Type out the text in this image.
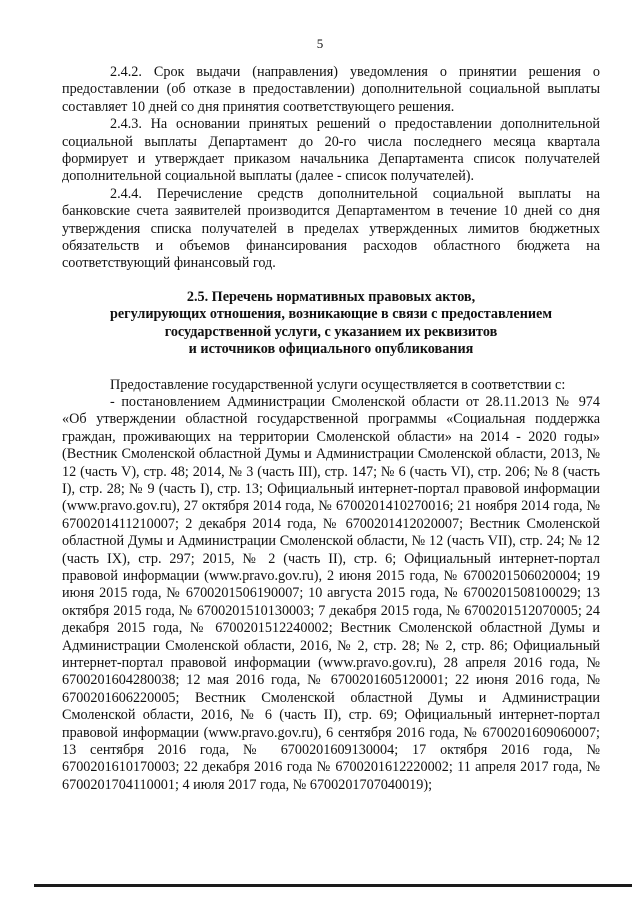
5

2.4.2. Срок выдачи (направления) уведомления о принятии решения о предоставлении (об отказе в предоставлении) дополнительной социальной выплаты составляет 10 дней со дня принятия соответствующего решения.

2.4.3. На основании принятых решений о предоставлении дополнительной социальной выплаты Департамент до 20-го числа последнего месяца квартала формирует и утверждает приказом начальника Департамента список получателей дополнительной социальной выплаты (далее - список получателей).

2.4.4. Перечисление средств дополнительной социальной выплаты на банковские счета заявителей производится Департаментом в течение 10 дней со дня утверждения списка получателей в пределах утвержденных лимитов бюджетных обязательств и объемов финансирования расходов областного бюджета на соответствующий финансовый год.

2.5. Перечень нормативных правовых актов,
регулирующих отношения, возникающие в связи с предоставлением
государственной услуги, с указанием их реквизитов
и источников официального опубликования

Предоставление государственной услуги осуществляется в соответствии с:

- постановлением Администрации Смоленской области от 28.11.2013 № 974 «Об утверждении областной государственной программы «Социальная поддержка граждан, проживающих на территории Смоленской области» на 2014 - 2020 годы» (Вестник Смоленской областной Думы и Администрации Смоленской области, 2013, № 12 (часть V), стр. 48; 2014, № 3 (часть III), стр. 147; № 6 (часть VI), стр. 206; № 8 (часть I), стр. 28; № 9 (часть I), стр. 13; Официальный интернет-портал правовой информации (www.pravo.gov.ru), 27 октября 2014 года, № 6700201410270016; 21 ноября 2014 года, № 6700201411210007; 2 декабря 2014 года, № 6700201412020007; Вестник Смоленской областной Думы и Администрации Смоленской области, № 12 (часть VII), стр. 24; № 12 (часть IX), стр. 297; 2015, № 2 (часть II), стр. 6; Официальный интернет-портал правовой информации (www.pravo.gov.ru), 2 июня 2015 года, № 6700201506020004; 19 июня 2015 года, № 6700201506190007; 10 августа 2015 года, № 6700201508100029; 13 октября 2015 года, № 6700201510130003; 7 декабря 2015 года, № 6700201512070005; 24 декабря 2015 года, № 6700201512240002; Вестник Смоленской областной Думы и Администрации Смоленской области, 2016, № 2, стр. 28; № 2, стр. 86; Официальный интернет-портал правовой информации (www.pravo.gov.ru), 28 апреля 2016 года, № 6700201604280038; 12 мая 2016 года, № 6700201605120001; 22 июня 2016 года, № 6700201606220005; Вестник Смоленской областной Думы и Администрации Смоленской области, 2016, № 6 (часть II), стр. 69; Официальный интернет-портал правовой информации (www.pravo.gov.ru), 6 сентября 2016 года, № 6700201609060007; 13 сентября 2016 года, № 6700201609130004; 17 октября 2016 года, № 6700201610170003; 22 декабря 2016 года № 6700201612220002; 11 апреля 2017 года, № 6700201704110001; 4 июля 2017 года, № 6700201707040019);
